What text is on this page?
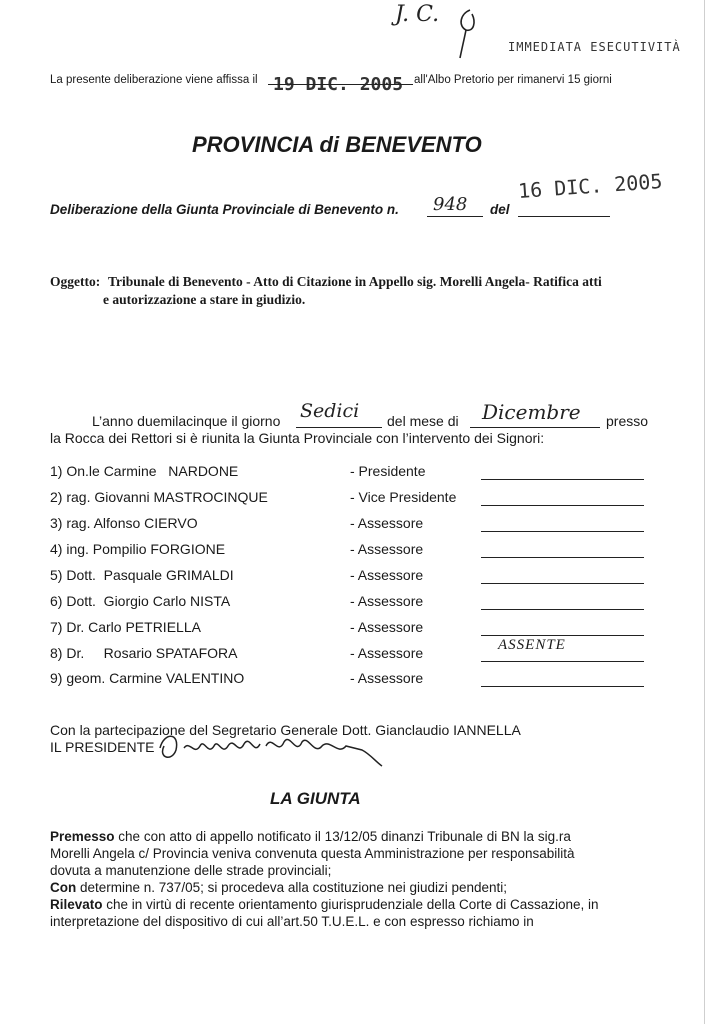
J. C.
IMMEDIATA ESECUTIVITÀ
La presente deliberazione viene affissa il 19 DIC. 2005 all'Albo Pretorio per rimanervi 15 giorni
PROVINCIA di BENEVENTO
16 DIC. 2005
Deliberazione della Giunta Provinciale di Benevento n. 948 del
Oggetto: Tribunale di Benevento - Atto di Citazione in Appello sig. Morelli Angela- Ratifica atti
e autorizzazione a stare in giudizio.
L’anno duemilacinque il giorno Sedici del mese di Dicembre presso
la Rocca dei Rettori si è riunita la Giunta Provinciale con l’intervento dei Signori:
1) On.le Carmine   NARDONE	- Presidente
2) rag. Giovanni MASTROCINQUE	- Vice Presidente
3) rag. Alfonso CIERVO	- Assessore
4) ing. Pompilio FORGIONE	- Assessore
5) Dott.  Pasquale GRIMALDI	- Assessore
6) Dott.  Giorgio Carlo NISTA	- Assessore
7) Dr. Carlo PETRIELLA	- Assessore
8) Dr.     Rosario SPATAFORA	- Assessore	ASSENTE
9) geom. Carmine VALENTINO	- Assessore
Con la partecipazione del Segretario Generale Dott. Gianclaudio IANNELLA
IL PRESIDENTE
LA GIUNTA
Premesso che con atto di appello notificato il 13/12/05 dinanzi Tribunale di BN la sig.ra
Morelli Angela c/ Provincia veniva convenuta questa Amministrazione per responsabilità
dovuta a manutenzione delle strade provinciali;
Con determine n. 737/05; si procedeva alla costituzione nei giudizi pendenti;
Rilevato che in virtù di recente orientamento giurisprudenziale della Corte di Cassazione, in
interpretazione del dispositivo di cui all’art.50 T.U.E.L. e con espresso richiamo in
